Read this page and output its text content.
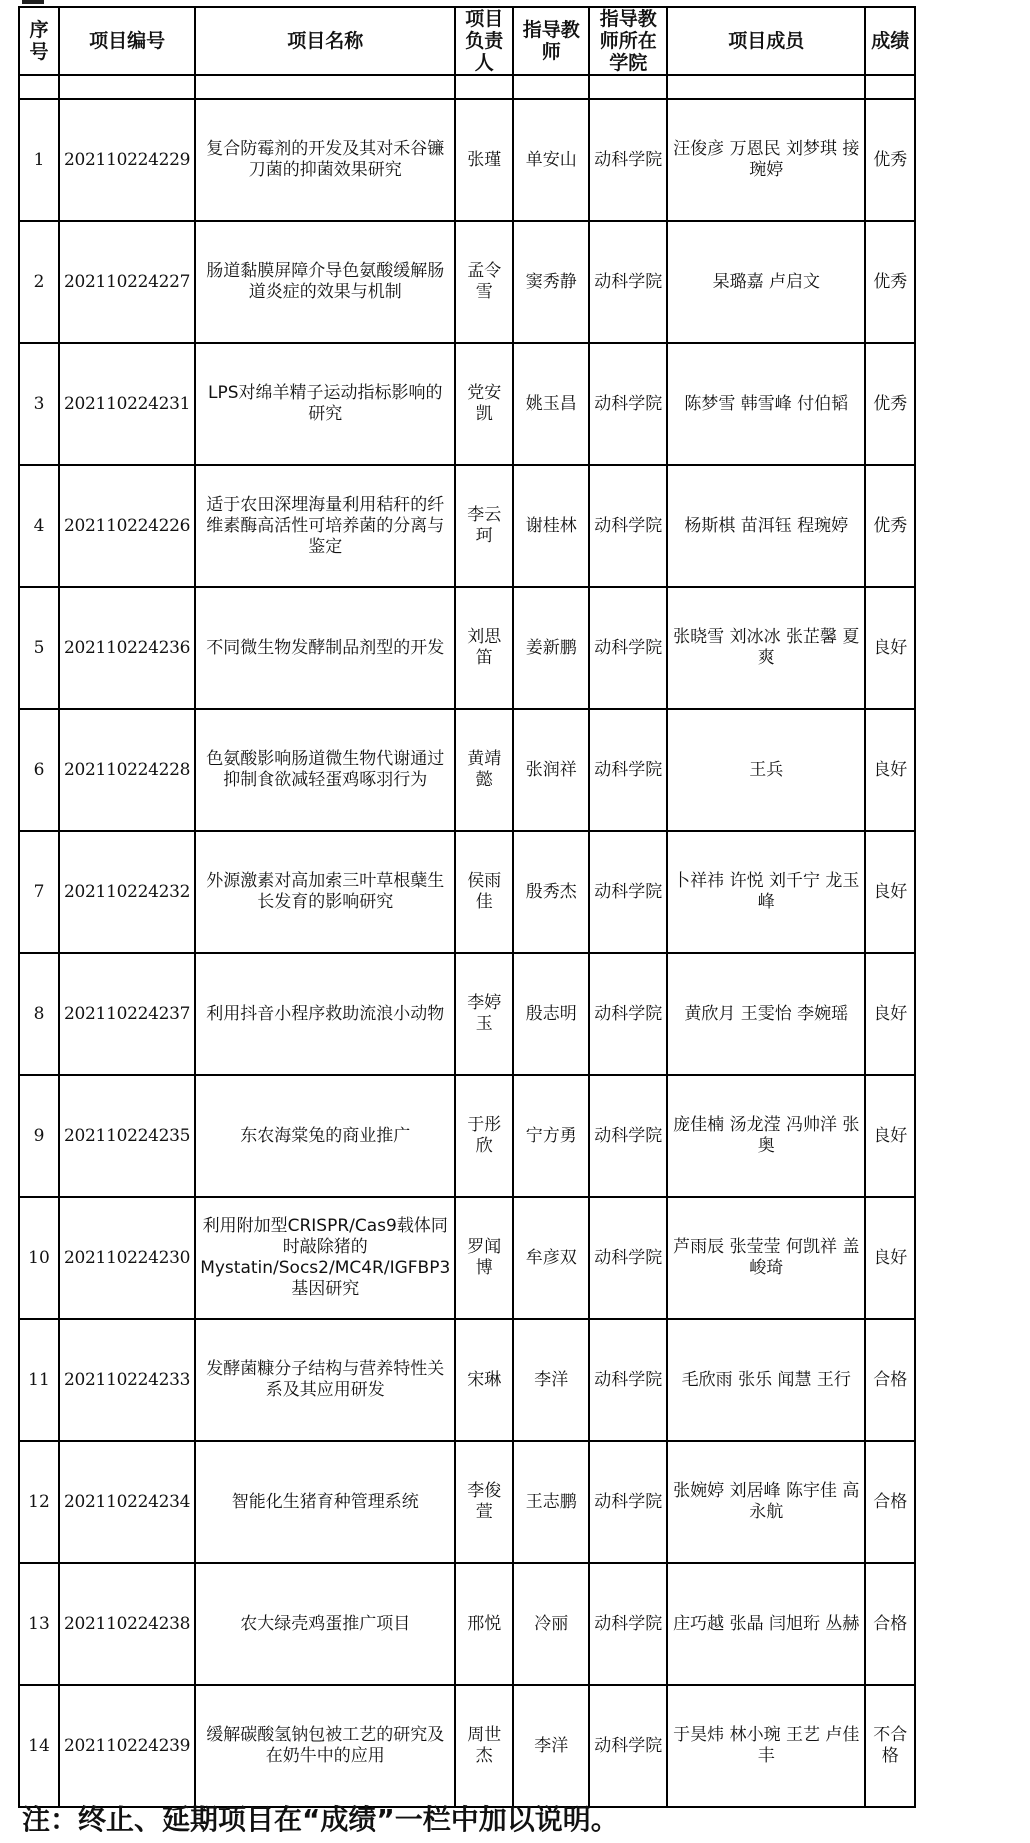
序号	项目编号	项目名称	项目负责人	指导教师	指导教师所在学院	项目成员	成绩

1	202110224229	复合防霉剂的开发及其对禾谷镰刀菌的抑菌效果研究	张瑾	单安山	动科学院	汪俊彦 万恩民 刘梦琪 接琬婷	优秀
2	202110224227	肠道黏膜屏障介导色氨酸缓解肠道炎症的效果与机制	孟令雪	窦秀静	动科学院	杲璐嘉 卢启文	优秀
3	202110224231	LPS对绵羊精子运动指标影响的研究	党安凯	姚玉昌	动科学院	陈梦雪 韩雪峰 付伯韬	优秀
4	202110224226	适于农田深埋海量利用秸秆的纤维素酶高活性可培养菌的分离与鉴定	李云珂	谢桂林	动科学院	杨斯棋 苗洱钰 程琬婷	优秀
5	202110224236	不同微生物发酵制品剂型的开发	刘思笛	姜新鹏	动科学院	张晓雪 刘冰冰 张芷馨 夏爽	良好
6	202110224228	色氨酸影响肠道微生物代谢通过抑制食欲减轻蛋鸡啄羽行为	黄靖懿	张润祥	动科学院	王兵	良好
7	202110224232	外源激素对高加索三叶草根蘖生长发育的影响研究	侯雨佳	殷秀杰	动科学院	卜祥祎 许悦 刘千宁 龙玉峰	良好
8	202110224237	利用抖音小程序救助流浪小动物	李婷玉	殷志明	动科学院	黄欣月 王雯怡 李婉瑶	良好
9	202110224235	东农海棠兔的商业推广	于彤欣	宁方勇	动科学院	庞佳楠 汤龙滢 冯帅洋 张奥	良好
10	202110224230	利用附加型CRISPR/Cas9载体同时敲除猪的Mystatin/Socs2/MC4R/IGFBP3基因研究	罗闻博	牟彦双	动科学院	芦雨辰 张莹莹 何凯祥 盖峻琦	良好
11	202110224233	发酵菌糠分子结构与营养特性关系及其应用研发	宋琳	李洋	动科学院	毛欣雨 张乐 闻慧 王行	合格
12	202110224234	智能化生猪育种管理系统	李俊萱	王志鹏	动科学院	张婉婷 刘居峰 陈宇佳 高永航	合格
13	202110224238	农大绿壳鸡蛋推广项目	邢悦	冷丽	动科学院	庄巧越 张晶 闫旭珩 丛赫	合格
14	202110224239	缓解碳酸氢钠包被工艺的研究及在奶牛中的应用	周世杰	李洋	动科学院	于昊炜 林小琬 王艺 卢佳丰	不合格
注：终止、延期项目在“成绩”一栏中加以说明。
